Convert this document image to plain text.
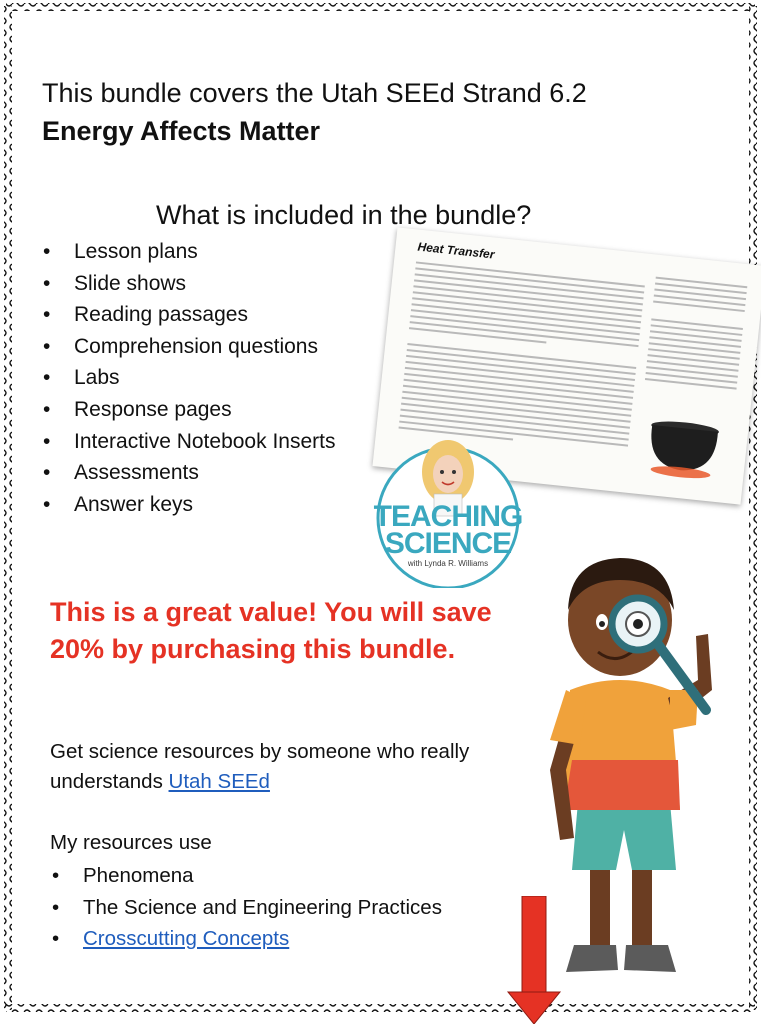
This bundle covers the Utah SEEd Strand 6.2
Energy Affects Matter
What is included in the bundle?
Heat Transfer
TEACHING
SCIENCE
with Lynda R. Williams
• Lesson plans
• Slide shows
• Reading passages
• Comprehension questions
• Labs
• Response pages
• Interactive Notebook Inserts
• Assessments
• Answer keys
This is a great value! You will save 20% by purchasing this bundle.
Get science resources by someone who really understands Utah SEEd
My resources use
• Phenomena
• The Science and Engineering Practices
• Crosscutting Concepts
